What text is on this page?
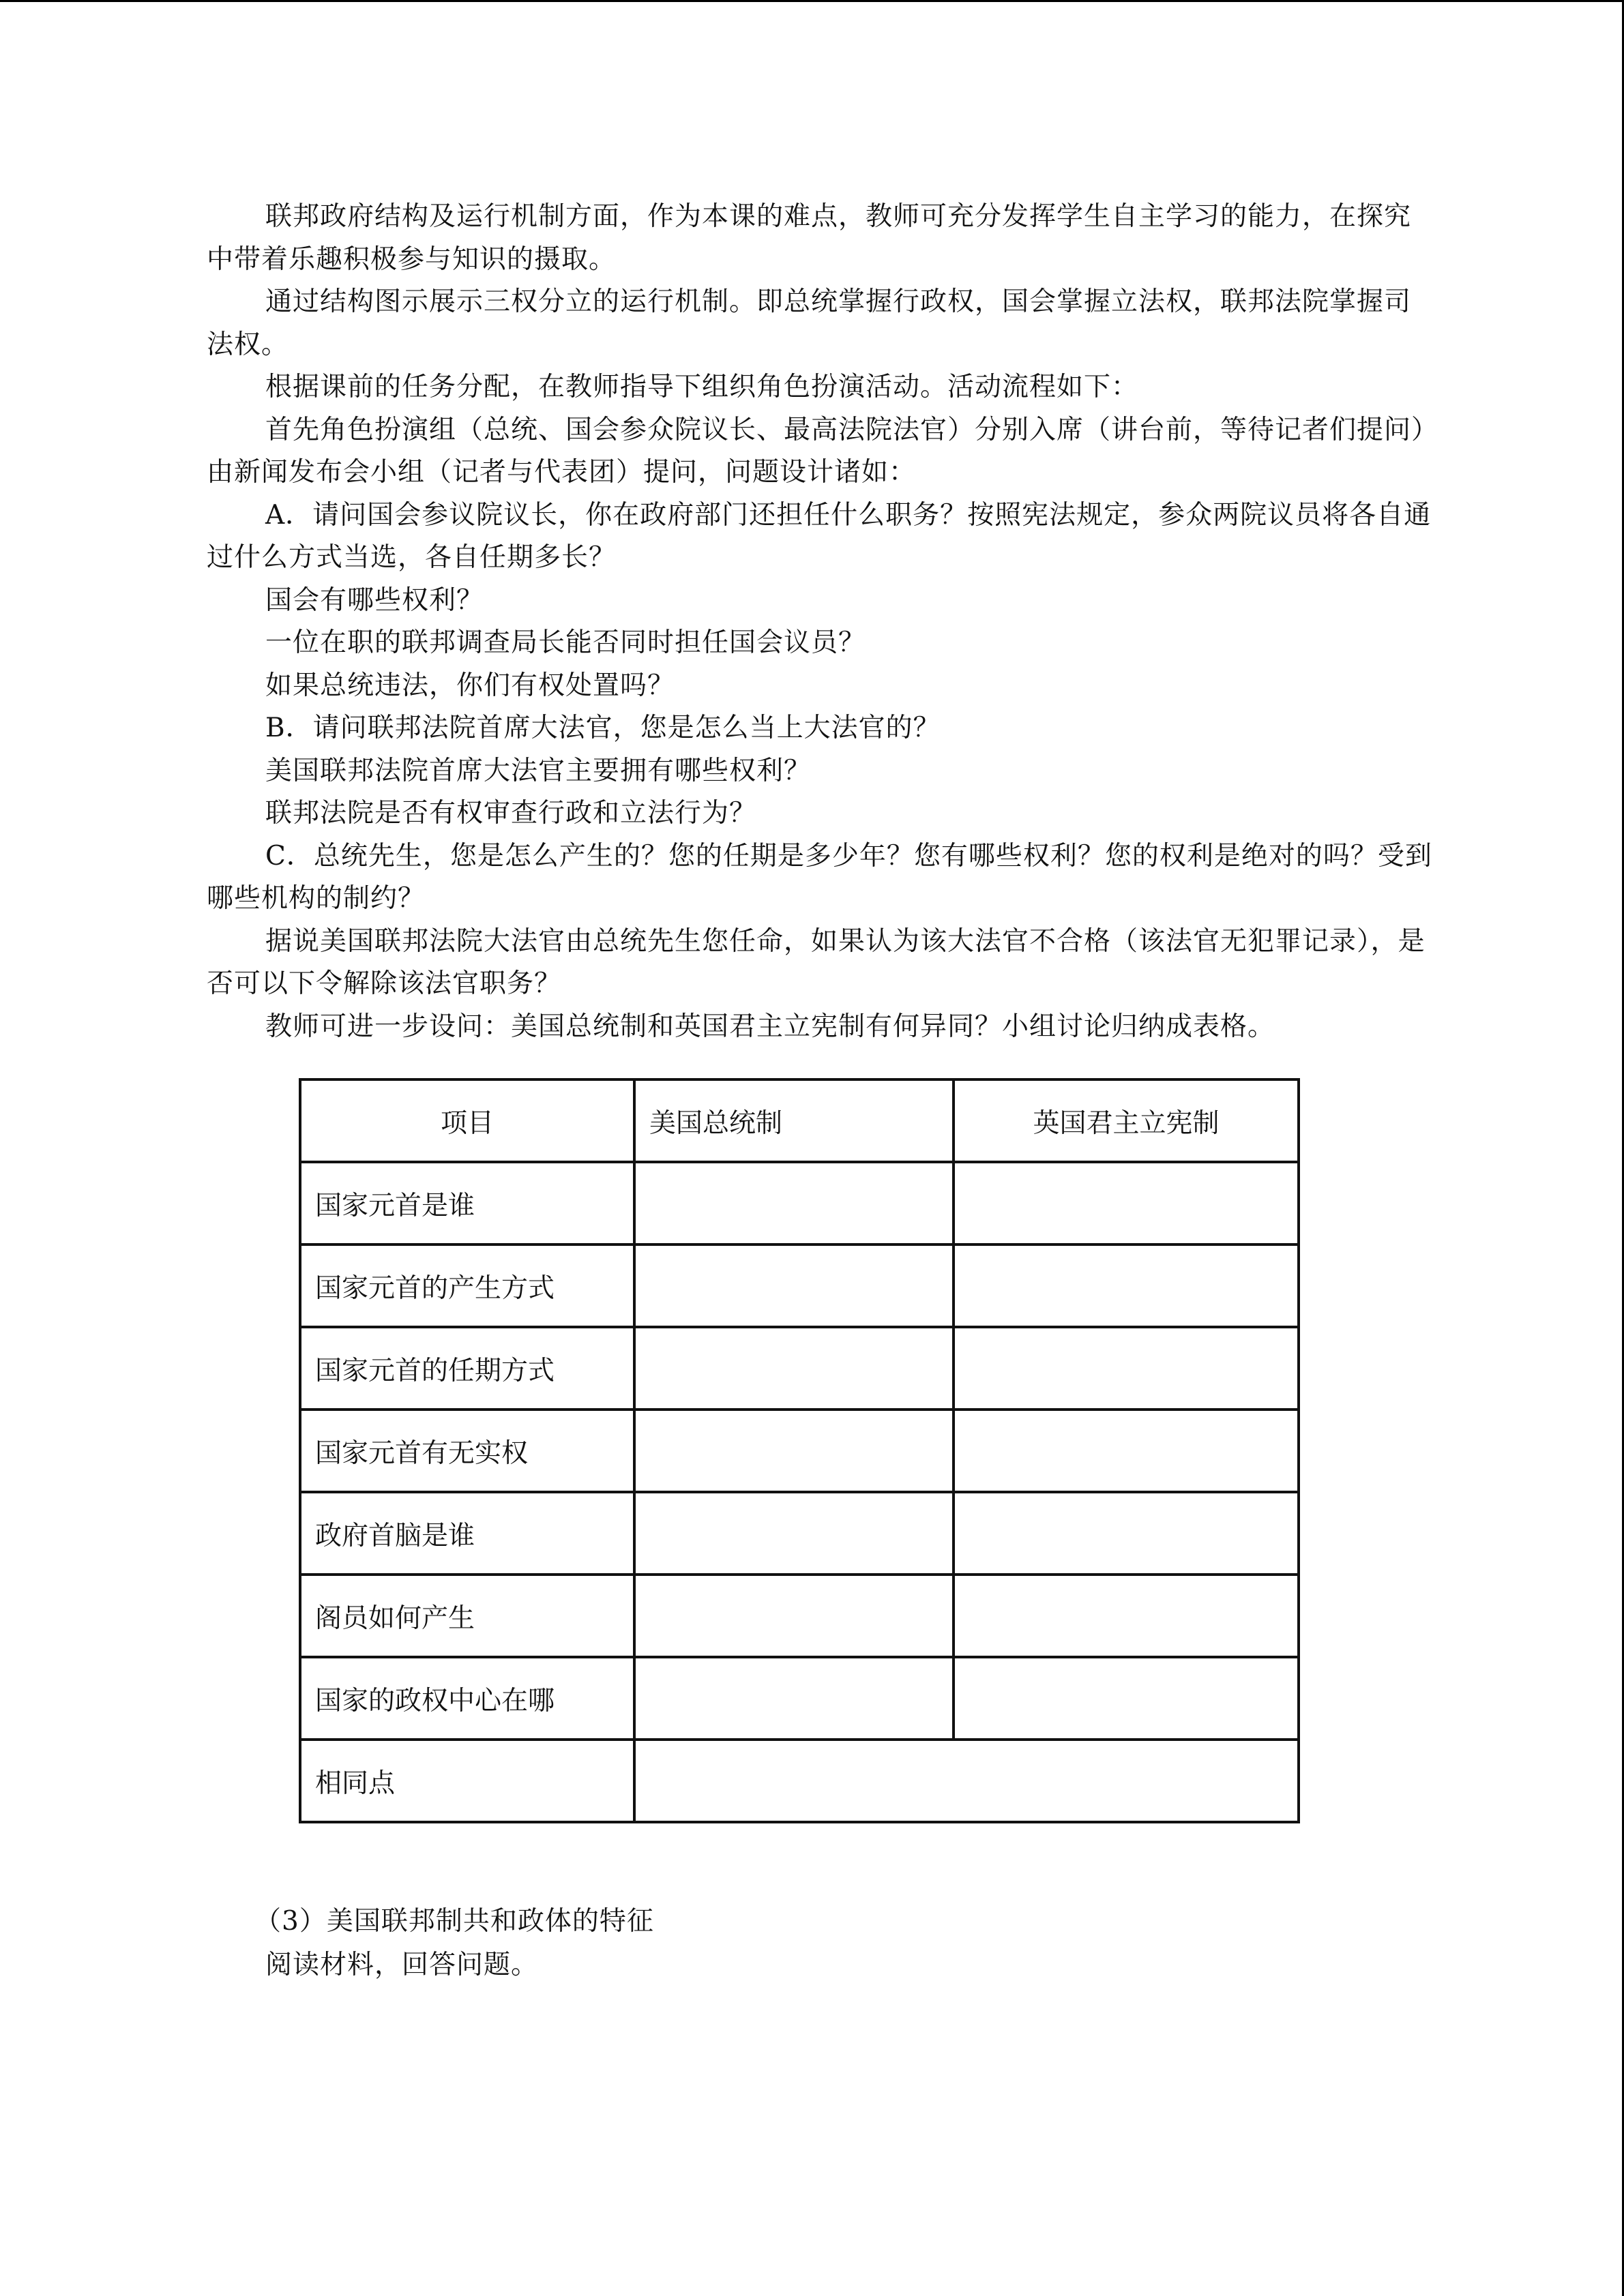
联邦政府结构及运行机制方面，作为本课的难点，教师可充分发挥学生自主学习的能力，在探究中带着乐趣积极参与知识的摄取。

通过结构图示展示三权分立的运行机制。即总统掌握行政权，国会掌握立法权，联邦法院掌握司法权。

根据课前的任务分配，在教师指导下组织角色扮演活动。活动流程如下：

首先角色扮演组（总统、国会参众院议长、最高法院法官）分别入席（讲台前，等待记者们提问）由新闻发布会小组（记者与代表团）提问，问题设计诸如：

A．请问国会参议院议长，你在政府部门还担任什么职务？按照宪法规定，参众两院议员将各自通过什么方式当选，各自任期多长？

国会有哪些权利？

一位在职的联邦调查局长能否同时担任国会议员？

如果总统违法，你们有权处置吗？

B．请问联邦法院首席大法官，您是怎么当上大法官的？

美国联邦法院首席大法官主要拥有哪些权利？

联邦法院是否有权审查行政和立法行为？

C．总统先生，您是怎么产生的？您的任期是多少年？您有哪些权利？您的权利是绝对的吗？受到哪些机构的制约？

据说美国联邦法院大法官由总统先生您任命，如果认为该大法官不合格（该法官无犯罪记录），是否可以下令解除该法官职务？

教师可进一步设问：美国总统制和英国君主立宪制有何异同？小组讨论归纳成表格。

项目	美国总统制	英国君主立宪制
国家元首是谁		
国家元首的产生方式		
国家元首的任期方式		
国家元首有无实权		
政府首脑是谁		
阁员如何产生		
国家的政权中心在哪		
相同点		

（3）美国联邦制共和政体的特征

阅读材料，回答问题。
